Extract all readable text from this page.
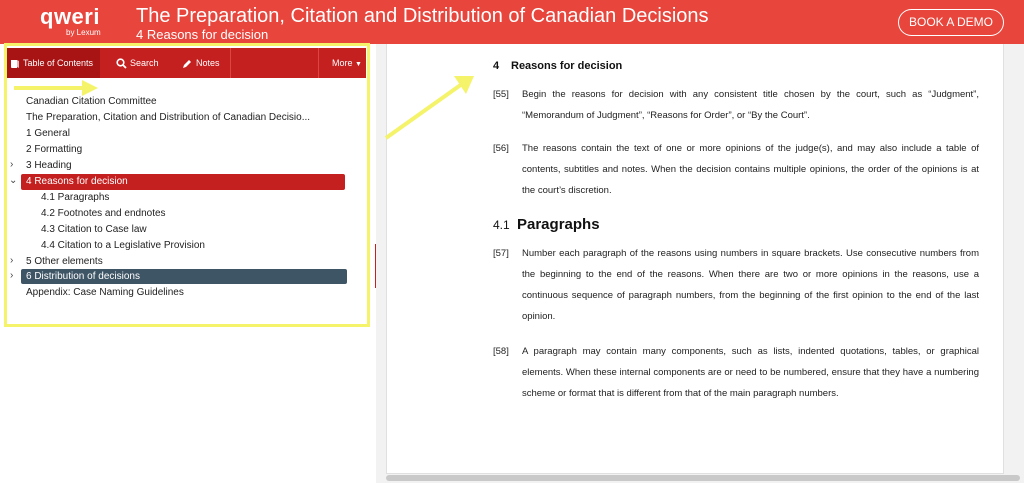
qweri
by Lexum
The Preparation, Citation and Distribution of Canadian Decisions
4 Reasons for decision
BOOK A DEMO
Table of Contents	Search	Notes	More ▼
Canadian Citation Committee
The Preparation, Citation and Distribution of Canadian Decisio...
1 General
2 Formatting
› 3 Heading
⌄ 4 Reasons for decision
4.1 Paragraphs
4.2 Footnotes and endnotes
4.3 Citation to Case law
4.4 Citation to a Legislative Provision
› 5 Other elements
›	6 Distribution of decisions
Appendix: Case Naming Guidelines
4 Reasons for decision
[55] Begin the reasons for decision with any consistent title chosen by the court, such as “Judgment”, “Memorandum of Judgment”, “Reasons for Order”, or “By the Court”.
[56] The reasons contain the text of one or more opinions of the judge(s), and may also include a table of contents, subtitles and notes. When the decision contains multiple opinions, the order of the opinions is at the court’s discretion.
4.1 Paragraphs
[57] Number each paragraph of the reasons using numbers in square brackets. Use consecutive numbers from the beginning to the end of the reasons. When there are two or more opinions in the reasons, use a continuous sequence of paragraph numbers, from the beginning of the first opinion to the end of the last opinion.
[58] A paragraph may contain many components, such as lists, indented quotations, tables, or graphical elements. When these internal components are or need to be numbered, ensure that they have a numbering scheme or format that is different from that of the main paragraph numbers.
